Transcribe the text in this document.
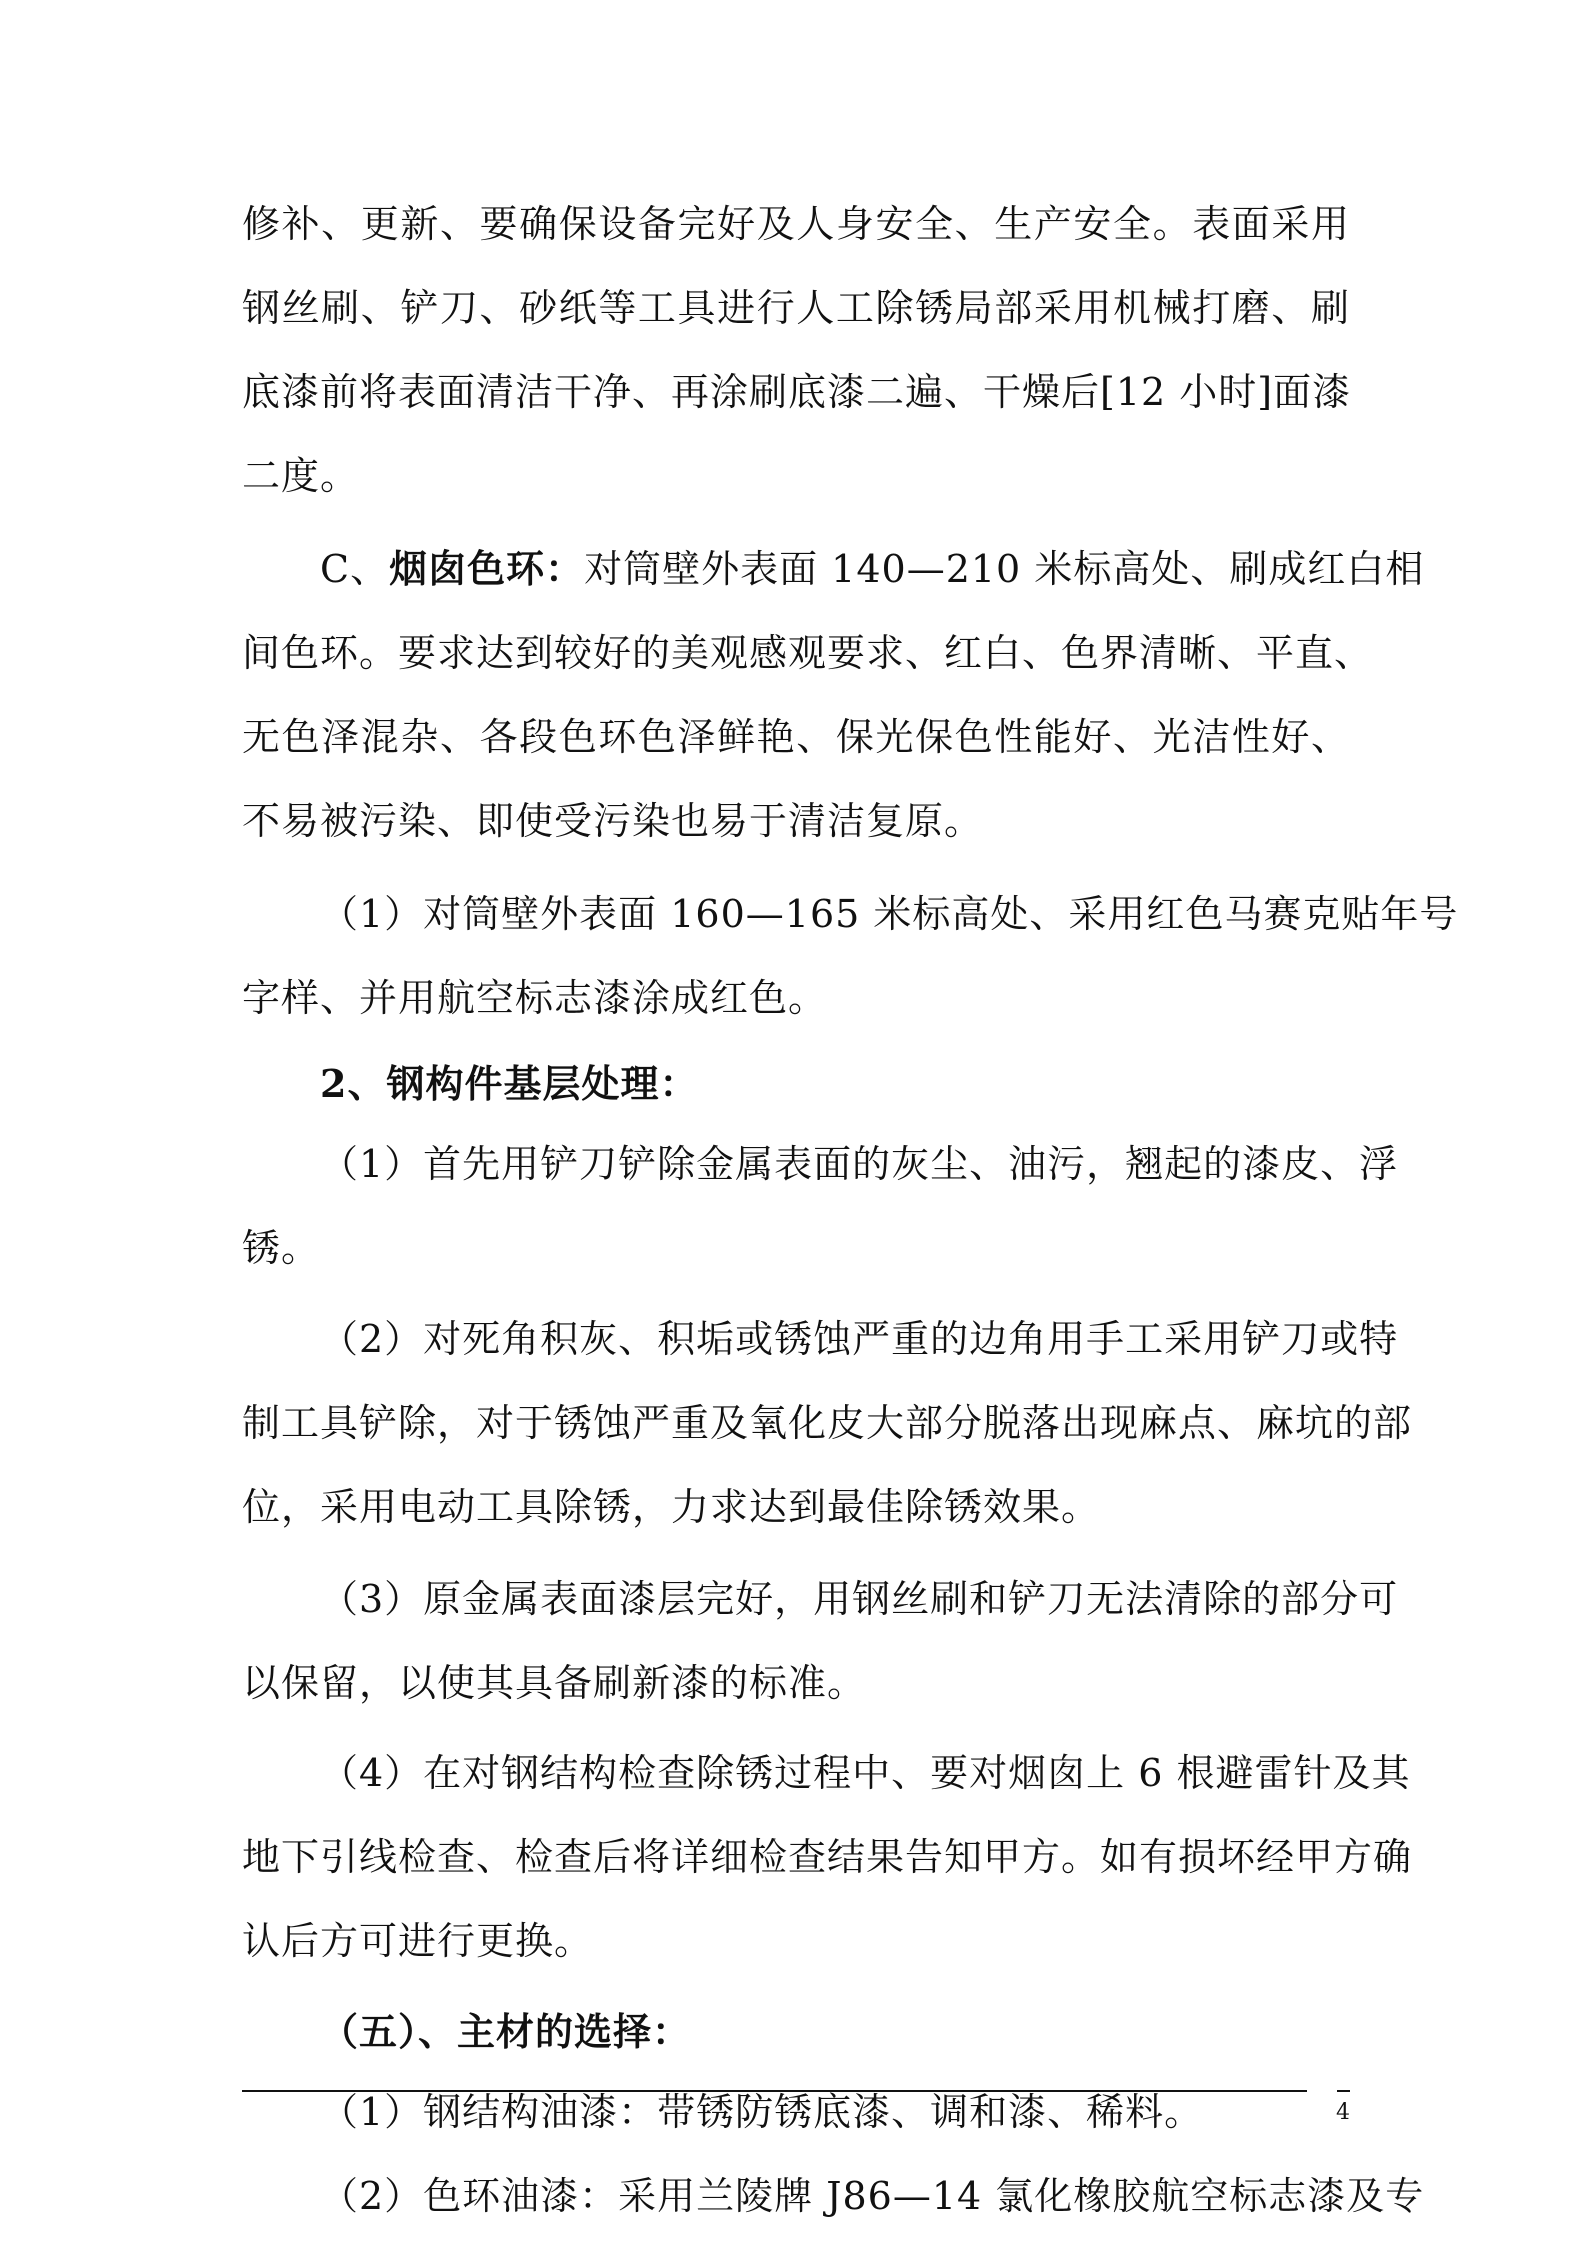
修补、更新、要确保设备完好及人身安全、生产安全。表面采用
钢丝刷、铲刀、砂纸等工具进行人工除锈局部采用机械打磨、刷
底漆前将表面清洁干净、再涂刷底漆二遍、干燥后[12 小时]面漆
二度。
C、烟囱色环：对筒壁外表面 140—210 米标高处、刷成红白相
间色环。要求达到较好的美观感观要求、红白、色界清晰、平直、
无色泽混杂、各段色环色泽鲜艳、保光保色性能好、光洁性好、
不易被污染、即使受污染也易于清洁复原。
（1）对筒壁外表面 160—165 米标高处、采用红色马赛克贴年号
字样、并用航空标志漆涂成红色。
2、钢构件基层处理：
（1）首先用铲刀铲除金属表面的灰尘、油污，翘起的漆皮、浮
锈。
（2）对死角积灰、积垢或锈蚀严重的边角用手工采用铲刀或特
制工具铲除，对于锈蚀严重及氧化皮大部分脱落出现麻点、麻坑的部
位，采用电动工具除锈，力求达到最佳除锈效果。
（3）原金属表面漆层完好，用钢丝刷和铲刀无法清除的部分可
以保留，以使其具备刷新漆的标准。
（4）在对钢结构检查除锈过程中、要对烟囱上 6 根避雷针及其
地下引线检查、检查后将详细检查结果告知甲方。如有损坏经甲方确
认后方可进行更换。
（五）、主材的选择：
（1）钢结构油漆：带锈防锈底漆、调和漆、稀料。
（2）色环油漆：采用兰陵牌 J86—14 氯化橡胶航空标志漆及专
4
